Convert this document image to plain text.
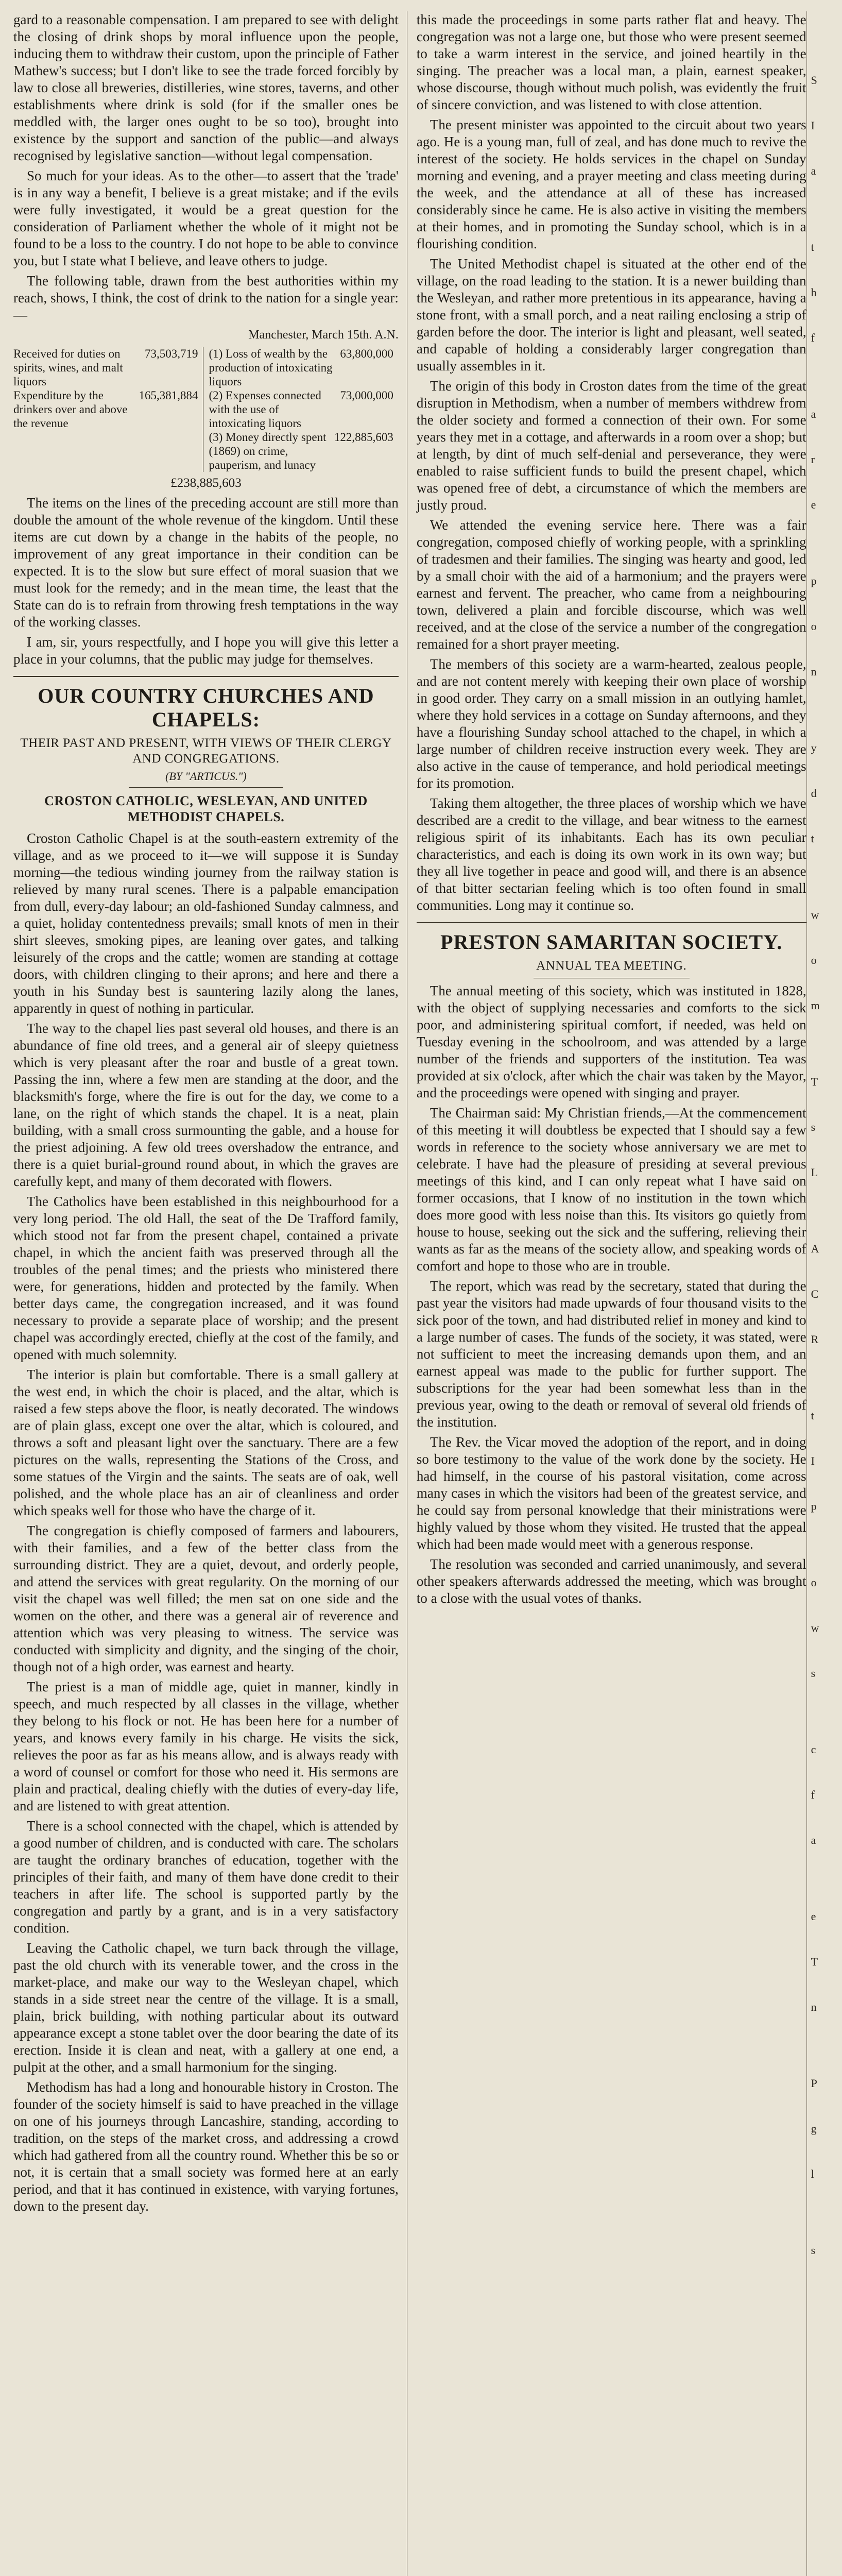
gard to a reasonable compensation. I am prepared to see with delight the closing of drink shops by moral influence upon the people, inducing them to withdraw their custom, upon the principle of Father Mathew's success; but I don't like to see the trade forced forcibly by law to close all breweries, distilleries, wine stores, taverns, and other establishments where drink is sold (for if the smaller ones be meddled with, the larger ones ought to be so too), brought into existence by the support and sanction of the public—and always recognised by legislative sanction—without legal compensation.

So much for your ideas. As to the other—to assert that the 'trade' is in any way a benefit, I believe is a great mistake; and if the evils were fully investigated, it would be a great question for the consideration of Parliament whether the whole of it might not be found to be a loss to the country. I do not hope to be able to convince you, but I state what I believe, and leave others to judge.

The following table, drawn from the best authorities within my reach, shows, I think, the cost of drink to the nation for a single year:—

Manchester, March 15th. A.N.

Received for duties on spirits, wines, and malt liquors
73,503,719
Expenditure by the drinkers over and above the revenue
165,381,884
(1) Loss of wealth by the production of intoxicating liquors
63,800,000
(2) Expenses connected with the use of intoxicating liquors
73,000,000
(3) Money directly spent (1869) on crime, pauperism, and lunacy
122,885,603
£238,885,603

The items on the lines of the preceding account are still more than double the amount of the whole revenue of the kingdom. Until these items are cut down by a change in the habits of the people, no improvement of any great importance in their condition can be expected. It is to the slow but sure effect of moral suasion that we must look for the remedy; and in the mean time, the least that the State can do is to refrain from throwing fresh temptations in the way of the working classes.

I am, sir, yours respectfully, and I hope you will give this letter a place in your columns, that the public may judge for themselves.

OUR COUNTRY CHURCHES AND CHAPELS:
THEIR PAST AND PRESENT, WITH VIEWS OF THEIR CLERGY AND CONGREGATIONS.
(BY "ARTICUS.")
CROSTON CATHOLIC, WESLEYAN, AND UNITED METHODIST CHAPELS.

Croston Catholic Chapel is at the south-eastern extremity of the village, and as we proceed to it—we will suppose it is Sunday morning—the tedious winding journey from the railway station is relieved by many rural scenes. There is a palpable emancipation from dull, every-day labour; an old-fashioned Sunday calmness, and a quiet, holiday contentedness prevails; small knots of men in their shirt sleeves, smoking pipes, are leaning over gates, and talking leisurely of the crops and the cattle; women are standing at cottage doors, with children clinging to their aprons; and here and there a youth in his Sunday best is sauntering lazily along the lanes, apparently in quest of nothing in particular.

The way to the chapel lies past several old houses, and there is an abundance of fine old trees, and a general air of sleepy quietness which is very pleasant after the roar and bustle of a great town. Passing the inn, where a few men are standing at the door, and the blacksmith's forge, where the fire is out for the day, we come to a lane, on the right of which stands the chapel. It is a neat, plain building, with a small cross surmounting the gable, and a house for the priest adjoining. A few old trees overshadow the entrance, and there is a quiet burial-ground round about, in which the graves are carefully kept, and many of them decorated with flowers.

The Catholics have been established in this neighbourhood for a very long period. The old Hall, the seat of the De Trafford family, which stood not far from the present chapel, contained a private chapel, in which the ancient faith was preserved through all the troubles of the penal times; and the priests who ministered there were, for generations, hidden and protected by the family. When better days came, the congregation increased, and it was found necessary to provide a separate place of worship; and the present chapel was accordingly erected, chiefly at the cost of the family, and opened with much solemnity.

The interior is plain but comfortable. There is a small gallery at the west end, in which the choir is placed, and the altar, which is raised a few steps above the floor, is neatly decorated. The windows are of plain glass, except one over the altar, which is coloured, and throws a soft and pleasant light over the sanctuary. There are a few pictures on the walls, representing the Stations of the Cross, and some statues of the Virgin and the saints. The seats are of oak, well polished, and the whole place has an air of cleanliness and order which speaks well for those who have the charge of it.

The congregation is chiefly composed of farmers and labourers, with their families, and a few of the better class from the surrounding district. They are a quiet, devout, and orderly people, and attend the services with great regularity. On the morning of our visit the chapel was well filled; the men sat on one side and the women on the other, and there was a general air of reverence and attention which was very pleasing to witness. The service was conducted with simplicity and dignity, and the singing of the choir, though not of a high order, was earnest and hearty.

The priest is a man of middle age, quiet in manner, kindly in speech, and much respected by all classes in the village, whether they belong to his flock or not. He has been here for a number of years, and knows every family in his charge. He visits the sick, relieves the poor as far as his means allow, and is always ready with a word of counsel or comfort for those who need it. His sermons are plain and practical, dealing chiefly with the duties of every-day life, and are listened to with great attention.

There is a school connected with the chapel, which is attended by a good number of children, and is conducted with care. The scholars are taught the ordinary branches of education, together with the principles of their faith, and many of them have done credit to their teachers in after life. The school is supported partly by the congregation and partly by a grant, and is in a very satisfactory condition.

Leaving the Catholic chapel, we turn back through the village, past the old church with its venerable tower, and the cross in the market-place, and make our way to the Wesleyan chapel, which stands in a side street near the centre of the village. It is a small, plain, brick building, with nothing particular about its outward appearance except a stone tablet over the door bearing the date of its erection. Inside it is clean and neat, with a gallery at one end, a pulpit at the other, and a small harmonium for the singing.

Methodism has had a long and honourable history in Croston. The founder of the society himself is said to have preached in the village on one of his journeys through Lancashire, standing, according to tradition, on the steps of the market cross, and addressing a crowd which had gathered from all the country round. Whether this be so or not, it is certain that a small society was formed here at an early period, and that it has continued in existence, with varying fortunes, down to the present day.

this made the proceedings in some parts rather flat and heavy. The congregation was not a large one, but those who were present seemed to take a warm interest in the service, and joined heartily in the singing. The preacher was a local man, a plain, earnest speaker, whose discourse, though without much polish, was evidently the fruit of sincere conviction, and was listened to with close attention.

The present minister was appointed to the circuit about two years ago. He is a young man, full of zeal, and has done much to revive the interest of the society. He holds services in the chapel on Sunday morning and evening, and a prayer meeting and class meeting during the week, and the attendance at all of these has increased considerably since he came. He is also active in visiting the members at their homes, and in promoting the Sunday school, which is in a flourishing condition.

The United Methodist chapel is situated at the other end of the village, on the road leading to the station. It is a newer building than the Wesleyan, and rather more pretentious in its appearance, having a stone front, with a small porch, and a neat railing enclosing a strip of garden before the door. The interior is light and pleasant, well seated, and capable of holding a considerably larger congregation than usually assembles in it.

The origin of this body in Croston dates from the time of the great disruption in Methodism, when a number of members withdrew from the older society and formed a connection of their own. For some years they met in a cottage, and afterwards in a room over a shop; but at length, by dint of much self-denial and perseverance, they were enabled to raise sufficient funds to build the present chapel, which was opened free of debt, a circumstance of which the members are justly proud.

We attended the evening service here. There was a fair congregation, composed chiefly of working people, with a sprinkling of tradesmen and their families. The singing was hearty and good, led by a small choir with the aid of a harmonium; and the prayers were earnest and fervent. The preacher, who came from a neighbouring town, delivered a plain and forcible discourse, which was well received, and at the close of the service a number of the congregation remained for a short prayer meeting.

The members of this society are a warm-hearted, zealous people, and are not content merely with keeping their own place of worship in good order. They carry on a small mission in an outlying hamlet, where they hold services in a cottage on Sunday afternoons, and they have a flourishing Sunday school attached to the chapel, in which a large number of children receive instruction every week. They are also active in the cause of temperance, and hold periodical meetings for its promotion.

Taking them altogether, the three places of worship which we have described are a credit to the village, and bear witness to the earnest religious spirit of its inhabitants. Each has its own peculiar characteristics, and each is doing its own work in its own way; but they all live together in peace and good will, and there is an absence of that bitter sectarian feeling which is too often found in small communities. Long may it continue so.

PRESTON SAMARITAN SOCIETY.
ANNUAL TEA MEETING.

The annual meeting of this society, which was instituted in 1828, with the object of supplying necessaries and comforts to the sick poor, and administering spiritual comfort, if needed, was held on Tuesday evening in the schoolroom, and was attended by a large number of the friends and supporters of the institution. Tea was provided at six o'clock, after which the chair was taken by the Mayor, and the proceedings were opened with singing and prayer.

The Chairman said: My Christian friends,—At the commencement of this meeting it will doubtless be expected that I should say a few words in reference to the society whose anniversary we are met to celebrate. I have had the pleasure of presiding at several previous meetings of this kind, and I can only repeat what I have said on former occasions, that I know of no institution in the town which does more good with less noise than this. Its visitors go quietly from house to house, seeking out the sick and the suffering, relieving their wants as far as the means of the society allow, and speaking words of comfort and hope to those who are in trouble.

The report, which was read by the secretary, stated that during the past year the visitors had made upwards of four thousand visits to the sick poor of the town, and had distributed relief in money and kind to a large number of cases. The funds of the society, it was stated, were not sufficient to meet the increasing demands upon them, and an earnest appeal was made to the public for further support. The subscriptions for the year had been somewhat less than in the previous year, owing to the death or removal of several old friends of the institution.

The Rev. the Vicar moved the adoption of the report, and in doing so bore testimony to the value of the work done by the society. He had himself, in the course of his pastoral visitation, come across many cases in which the visitors had been of the greatest service, and he could say from personal knowledge that their ministrations were highly valued by those whom they visited. He trusted that the appeal which had been made would meet with a generous response.

The resolution was seconded and carried unanimously, and several other speakers afterwards addressed the meeting, which was brought to a close with the usual votes of thanks.

S
I
a
t
h
f
a
r
e
p
o
n
y
d
t
w
o
m
T
s
L
A
C
R
t
I
p
o
w
s
c
f
a
e
T
n
P
g
l
s
